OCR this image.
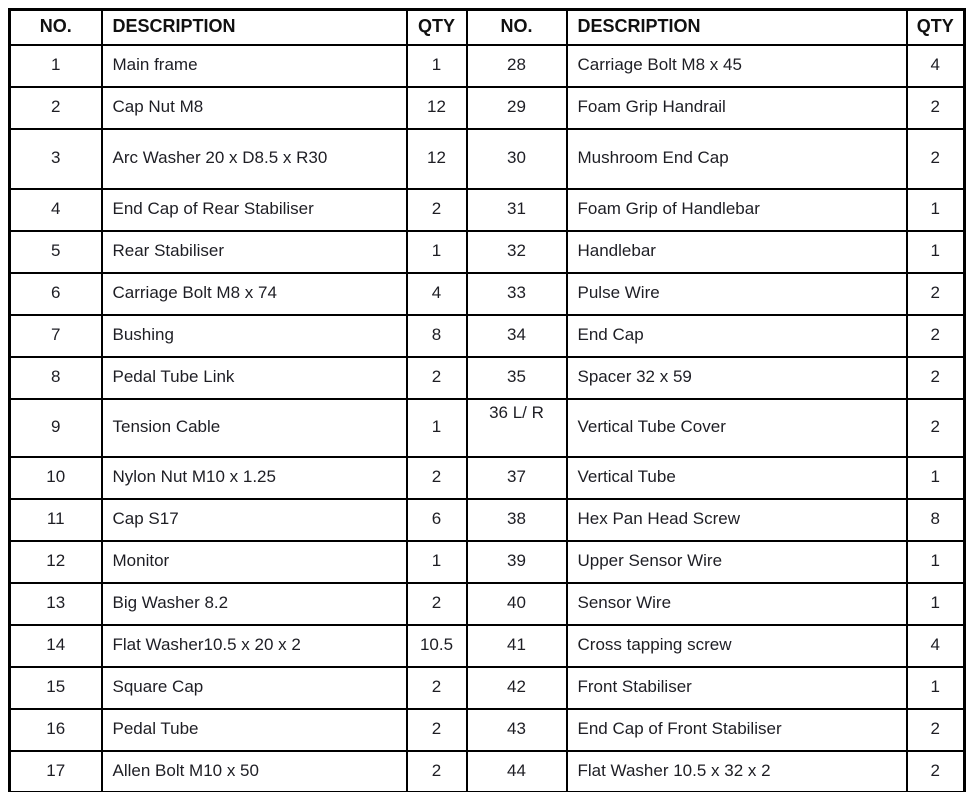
NO.	DESCRIPTION	QTY	NO.	DESCRIPTION	QTY
1	Main frame	1	28	Carriage Bolt M8 x 45	4
2	Cap Nut M8	12	29	Foam Grip Handrail	2
3	Arc Washer 20 x D8.5 x R30	12	30	Mushroom End Cap	2
4	End Cap of Rear Stabiliser	2	31	Foam Grip of Handlebar	1
5	Rear Stabiliser	1	32	Handlebar	1
6	Carriage Bolt M8 x 74	4	33	Pulse Wire	2
7	Bushing	8	34	End Cap	2
8	Pedal Tube Link	2	35	Spacer 32 x 59	2
9	Tension Cable	1	36 L/ R	Vertical Tube Cover	2
10	Nylon Nut M10 x 1.25	2	37	Vertical Tube	1
11	Cap S17	6	38	Hex Pan Head Screw	8
12	Monitor	1	39	Upper Sensor Wire	1
13	Big Washer 8.2	2	40	Sensor Wire	1
14	Flat Washer10.5 x 20 x 2	10.5	41	Cross tapping screw	4
15	Square Cap	2	42	Front Stabiliser	1
16	Pedal Tube	2	43	End Cap of Front Stabiliser	2
17	Allen Bolt M10 x 50	2	44	Flat Washer 10.5 x 32 x 2	2
